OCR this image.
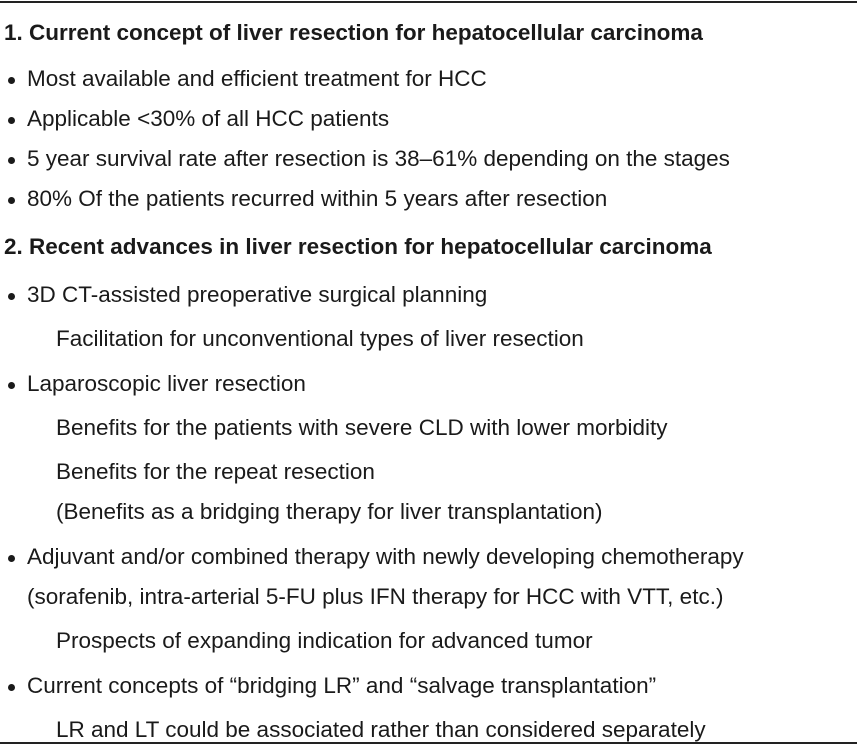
1. Current concept of liver resection for hepatocellular carcinoma
Most available and efficient treatment for HCC
Applicable <30% of all HCC patients
5 year survival rate after resection is 38–61% depending on the stages
80% Of the patients recurred within 5 years after resection
2. Recent advances in liver resection for hepatocellular carcinoma
3D CT-assisted preoperative surgical planning
Facilitation for unconventional types of liver resection
Laparoscopic liver resection
Benefits for the patients with severe CLD with lower morbidity
Benefits for the repeat resection
(Benefits as a bridging therapy for liver transplantation)
Adjuvant and/or combined therapy with newly developing chemotherapy
(sorafenib, intra-arterial 5-FU plus IFN therapy for HCC with VTT, etc.)
Prospects of expanding indication for advanced tumor
Current concepts of “bridging LR” and “salvage transplantation”
LR and LT could be associated rather than considered separately
